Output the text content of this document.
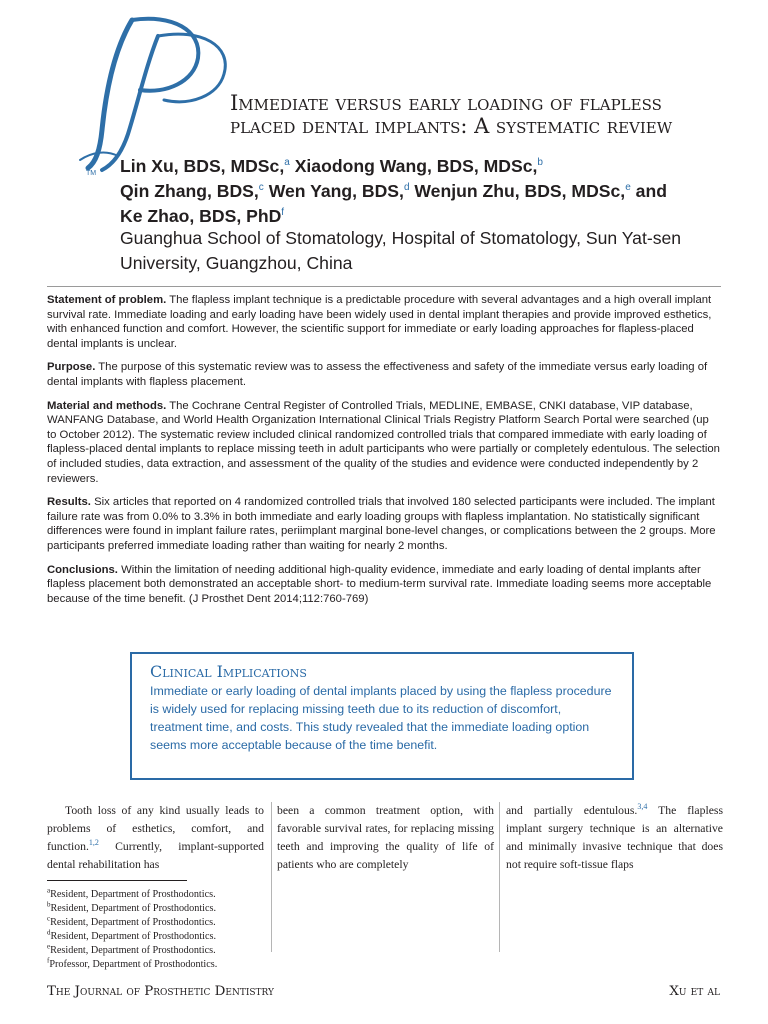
TM
Immediate versus early loading of flapless
placed dental implants: A systematic review
Lin Xu, BDS, MDSc,$^a$ Xiaodong Wang, BDS, MDSc,$^b$
Qin Zhang, BDS,$^c$ Wen Yang, BDS,$^d$ Wenjun Zhu, BDS, MDSc,$^e$ and
Ke Zhao, BDS, PhD$^f$
Guanghua School of Stomatology, Hospital of Stomatology, Sun Yat-sen University, Guangzhou, China

Statement of problem. The flapless implant technique is a predictable procedure with several advantages and a high overall implant survival rate. Immediate loading and early loading have been widely used in dental implant therapies and provide improved esthetics, with enhanced function and comfort. However, the scientific support for immediate or early loading approaches for flapless-placed dental implants is unclear.

Purpose. The purpose of this systematic review was to assess the effectiveness and safety of the immediate versus early loading of dental implants with flapless placement.

Material and methods. The Cochrane Central Register of Controlled Trials, MEDLINE, EMBASE, CNKI database, VIP database, WANFANG Database, and World Health Organization International Clinical Trials Registry Platform Search Portal were searched (up to October 2012). The systematic review included clinical randomized controlled trials that compared immediate with early loading of flapless-placed dental implants to replace missing teeth in adult participants who were partially or completely edentulous. The selection of included studies, data extraction, and assessment of the quality of the studies and evidence were conducted independently by 2 reviewers.

Results. Six articles that reported on 4 randomized controlled trials that involved 180 selected participants were included. The implant failure rate was from 0.0% to 3.3% in both immediate and early loading groups with flapless implantation. No statistically significant differences were found in implant failure rates, periimplant marginal bone-level changes, or complications between the 2 groups. More participants preferred immediate loading rather than waiting for nearly 2 months.

Conclusions. Within the limitation of needing additional high-quality evidence, immediate and early loading of dental implants after flapless placement both demonstrated an acceptable short- to medium-term survival rate. Immediate loading seems more acceptable because of the time benefit. (J Prosthet Dent 2014;112:760-769)

Clinical Implications
Immediate or early loading of dental implants placed by using the flapless procedure is widely used for replacing missing teeth due to its reduction of discomfort, treatment time, and costs. This study revealed that the immediate loading option seems more acceptable because of the time benefit.
Tooth loss of any kind usually leads to problems of esthetics, comfort, and function.$^{1,2}$ Currently, implant-supported dental rehabilitation has
been a common treatment option, with favorable survival rates, for replacing missing teeth and improving the quality of life of patients who are completely
and partially edentulous.$^{3,4}$ The flapless implant surgery technique is an alternative and minimally invasive technique that does not require soft-tissue flaps
$^a$Resident, Department of Prosthodontics.
$^b$Resident, Department of Prosthodontics.
$^c$Resident, Department of Prosthodontics.
$^d$Resident, Department of Prosthodontics.
$^e$Resident, Department of Prosthodontics.
$^f$Professor, Department of Prosthodontics.
The Journal of Prosthetic Dentistry	Xu et al
